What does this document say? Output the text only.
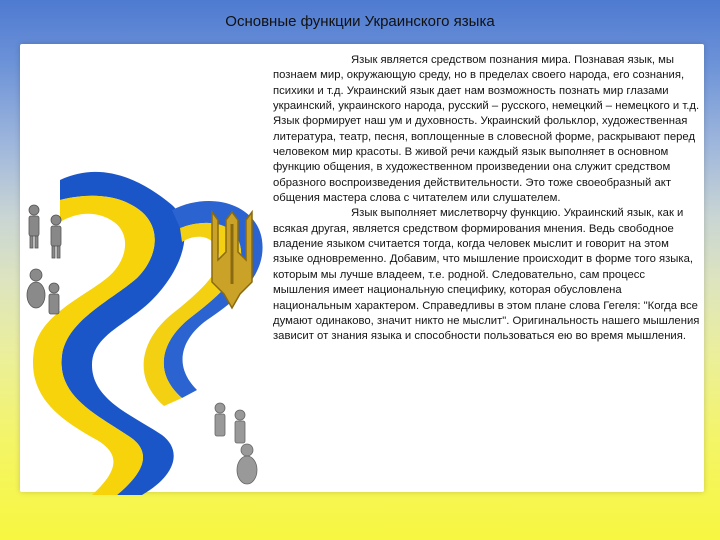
Основные функции Украинского языка

Язык является средством познания мира. Познавая язык, мы познаем мир, окружающую среду, но в пределах своего народа, его сознания, психики и т.д. Украинский язык дает нам возможность познать мир глазами украинский, украинского народа, русский – русского, немецкий – немецкого и т.д. Язык формирует наш ум и духовность. Украинский фольклор, художественная литература, театр, песня, воплощенные в словесной форме, раскрывают перед человеком мир красоты. В живой речи каждый язык выполняет в основном функцию общения, в художественном произведении она служит средством образного воспроизведения действительности. Это тоже своеобразный акт общения мастера слова с читателем или слушателем.

Язык выполняет мислетворчу функцию. Украинский язык, как и всякая другая, является средством формирования мнения. Ведь свободное владение языком считается тогда, когда человек мыслит и говорит на этом языке одновременно. Добавим, что мышление происходит в форме того языка, которым мы лучше владеем, т.е. родной. Следовательно, сам процесс мышления имеет национальную специфику, которая обусловлена национальным характером. Справедливы в этом плане слова Гегеля: "Когда все думают одинаково, значит никто не мыслит". Оригинальность нашего мышления зависит от знания языка и способности пользоваться ею во время мышления.
